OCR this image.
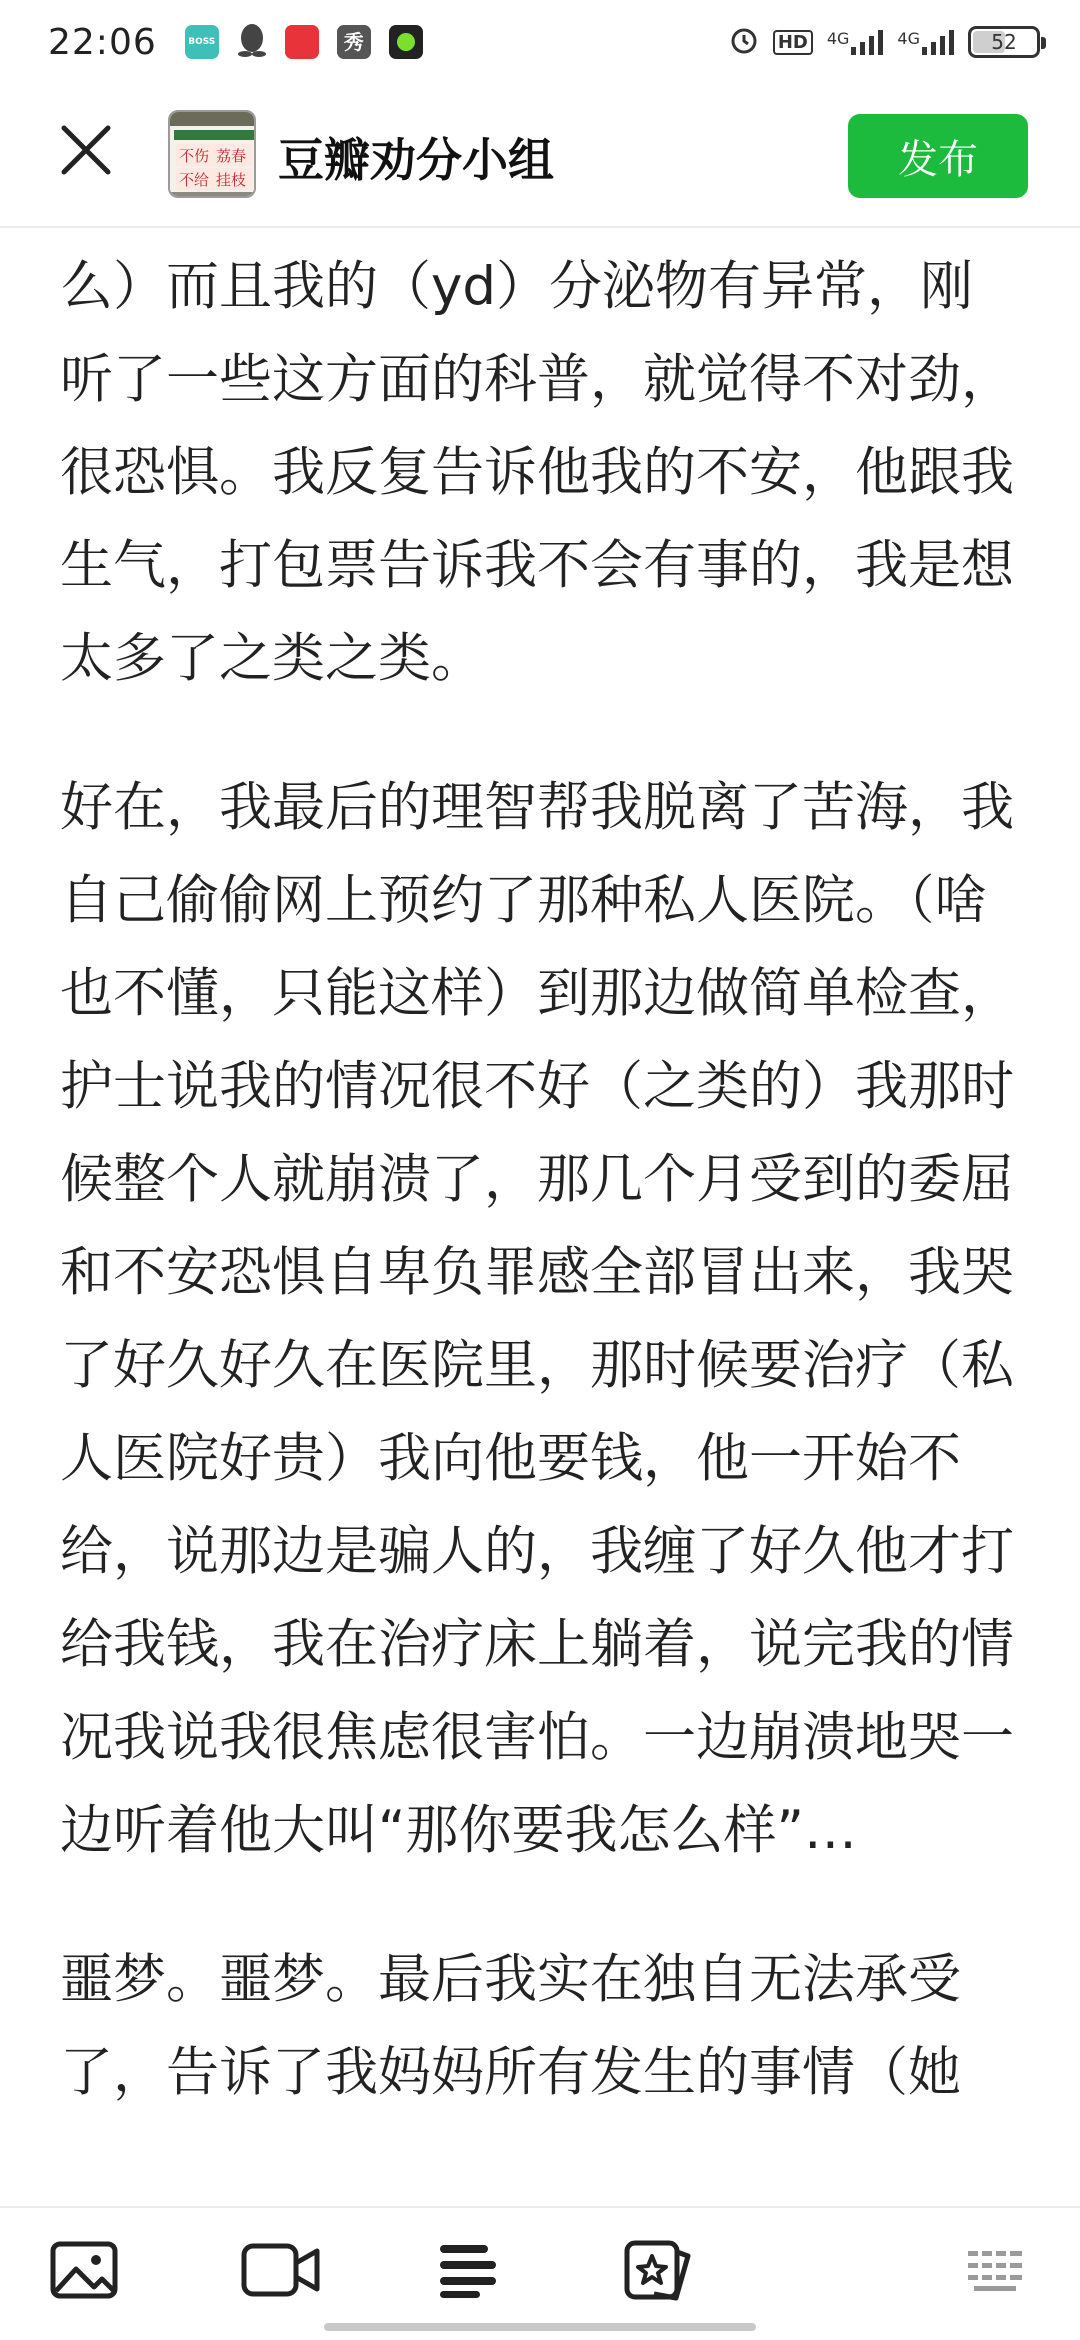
22:06	BOSS	秀	HD	4G	4G	52
不伤 荔春
不给 挂枝 豆瓣劝分小组	发布

么）而且我的（yd）分泌物有异常，刚听了一些这方面的科普，就觉得不对劲，很恐惧。我反复告诉他我的不安，他跟我生气，打包票告诉我不会有事的，我是想太多了之类之类。

好在，我最后的理智帮我脱离了苦海，我自己偷偷网上预约了那种私人医院。（啥也不懂，只能这样）到那边做简单检查，护士说我的情况很不好（之类的）我那时候整个人就崩溃了，那几个月受到的委屈和不安恐惧自卑负罪感全部冒出来，我哭了好久好久在医院里，那时候要治疗（私人医院好贵）我向他要钱，他一开始不给，说那边是骗人的，我缠了好久他才打给我钱，我在治疗床上躺着，说完我的情况我说我很焦虑很害怕。一边崩溃地哭一边听着他大叫“那你要我怎么样”…

噩梦。噩梦。最后我实在独自无法承受了，告诉了我妈妈所有发生的事情（她
